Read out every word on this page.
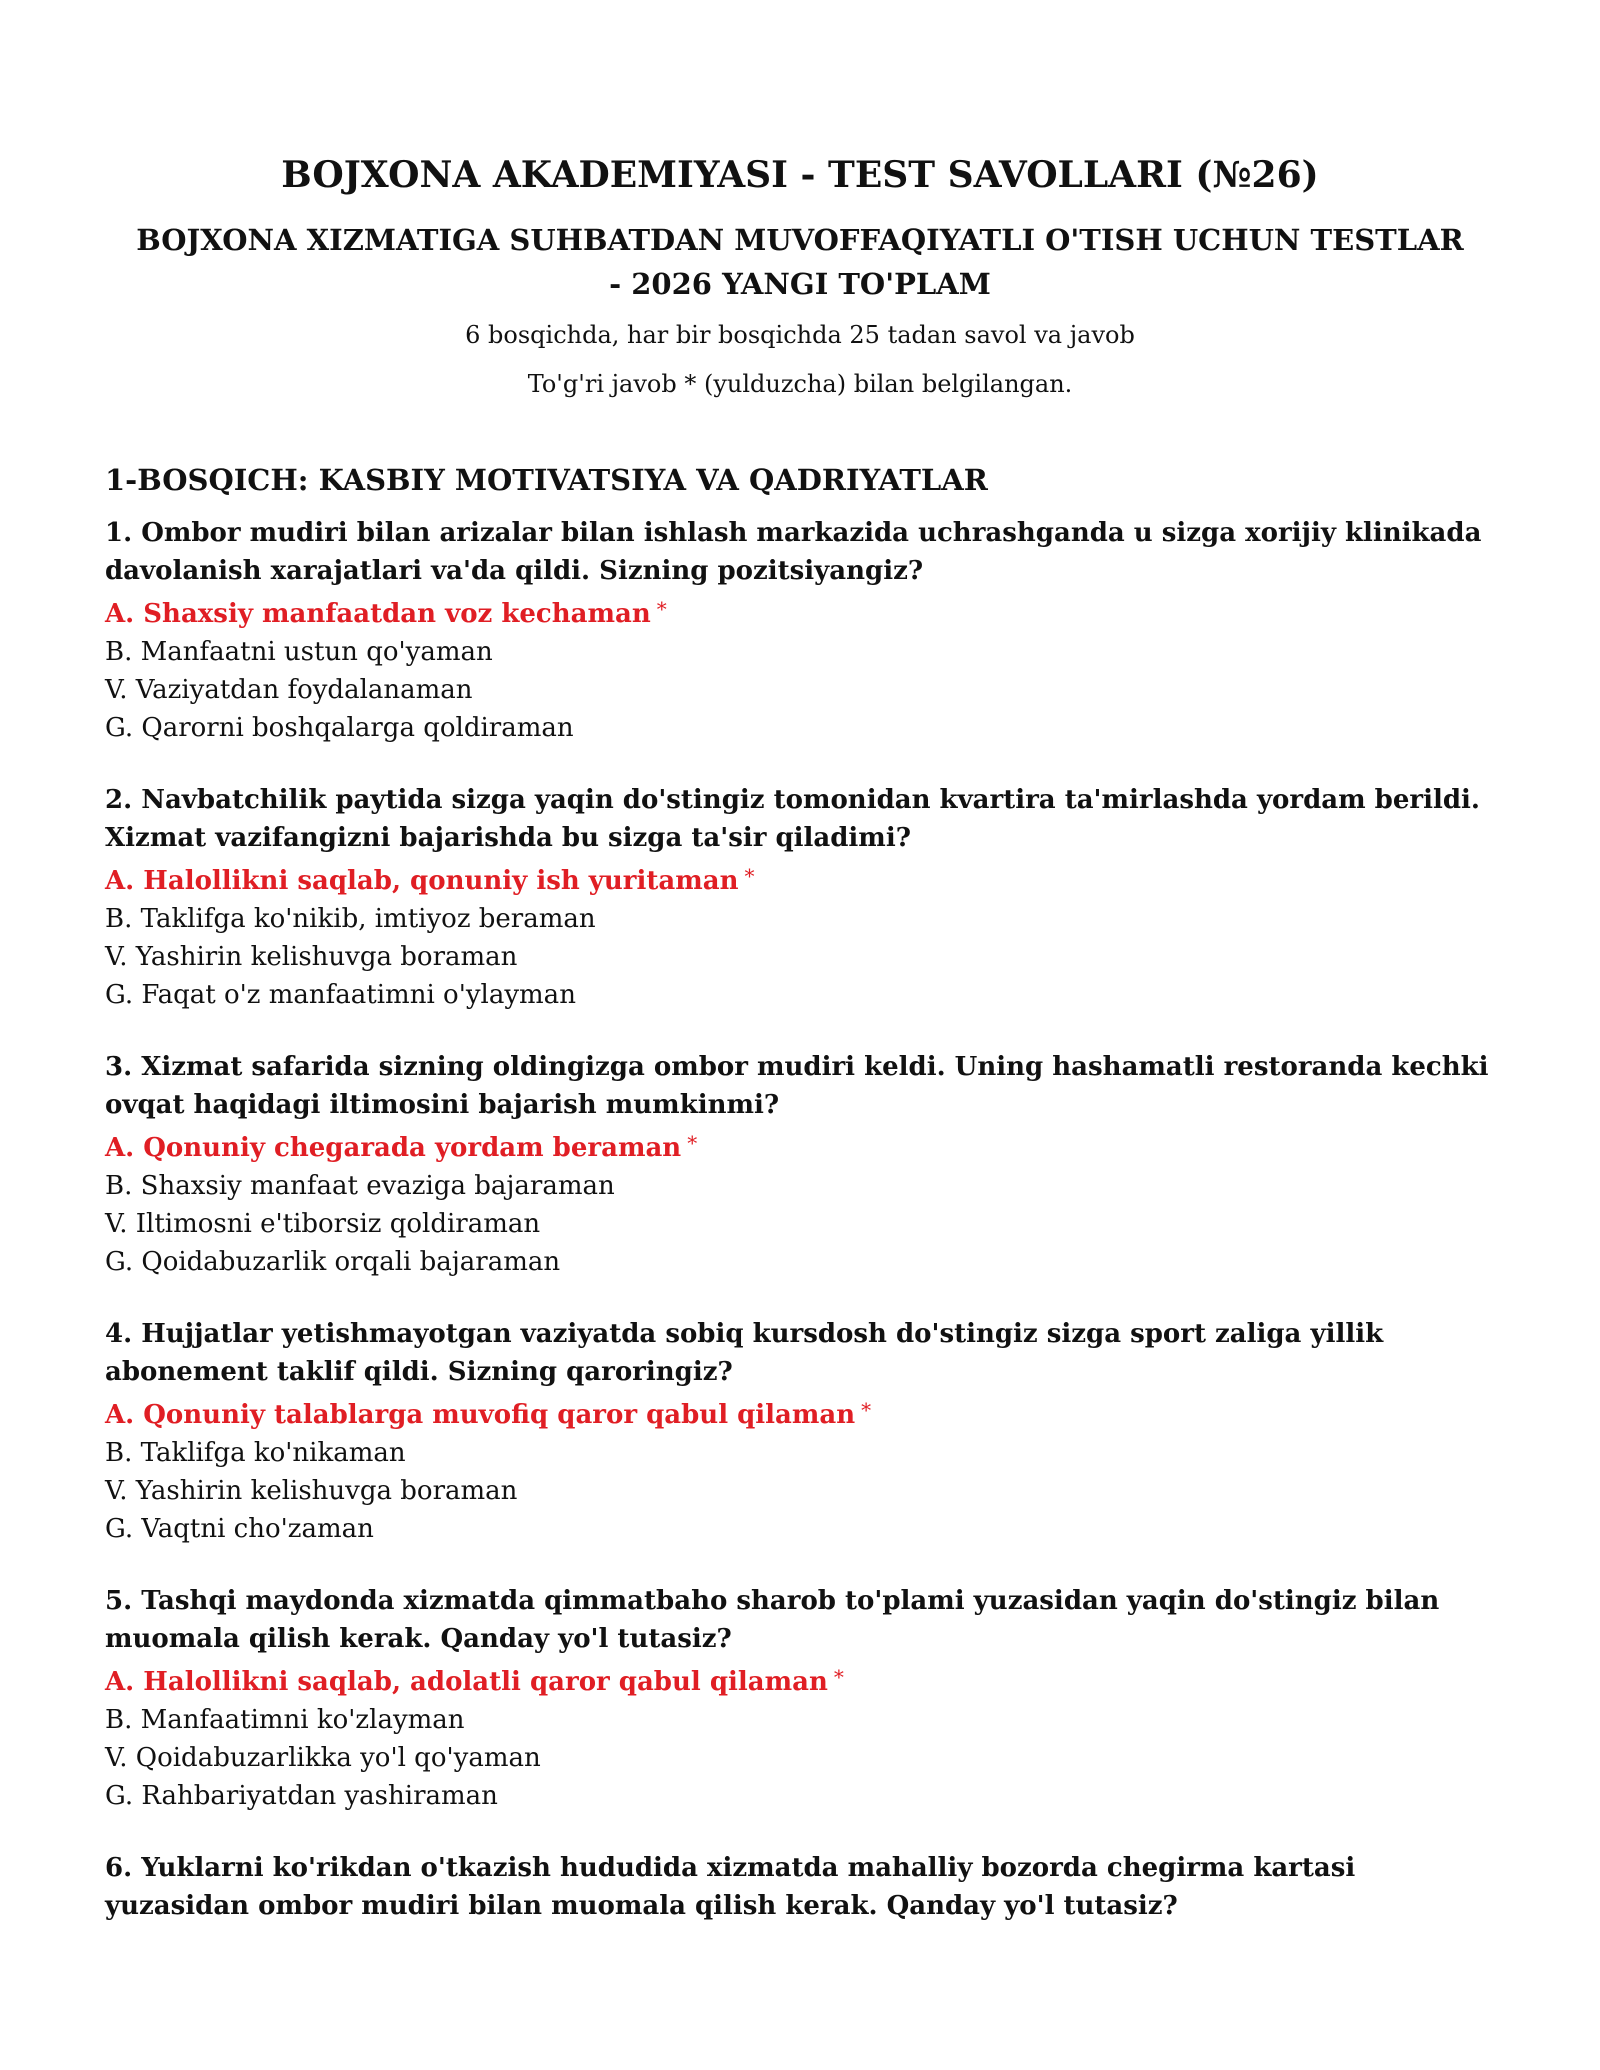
BOJXONA AKADEMIYASI - TEST SAVOLLARI (№26)
BOJXONA XIZMATIGA SUHBATDAN MUVOFFAQIYATLI O'TISH UCHUN TESTLAR - 2026 YANGI TO'PLAM
6 bosqichda, har bir bosqichda 25 tadan savol va javob
To'g'ri javob * (yulduzcha) bilan belgilangan.
1-BOSQICH: KASBIY MOTIVATSIYA VA QADRIYATLAR

1. Ombor mudiri bilan arizalar bilan ishlash markazida uchrashganda u sizga xorijiy klinikada davolanish xarajatlari va'da qildi. Sizning pozitsiyangiz?

A. Shaxsiy manfaatdan voz kechaman *
B. Manfaatni ustun qo'yaman
V. Vaziyatdan foydalanaman
G. Qarorni boshqalarga qoldiraman

2. Navbatchilik paytida sizga yaqin do'stingiz tomonidan kvartira ta'mirlashda yordam berildi. Xizmat vazifangizni bajarishda bu sizga ta'sir qiladimi?

A. Halollikni saqlab, qonuniy ish yuritaman *
B. Taklifga ko'nikib, imtiyoz beraman
V. Yashirin kelishuvga boraman
G. Faqat o'z manfaatimni o'ylayman

3. Xizmat safarida sizning oldingizga ombor mudiri keldi. Uning hashamatli restoranda kechki ovqat haqidagi iltimosini bajarish mumkinmi?

A. Qonuniy chegarada yordam beraman *
B. Shaxsiy manfaat evaziga bajaraman
V. Iltimosni e'tiborsiz qoldiraman
G. Qoidabuzarlik orqali bajaraman

4. Hujjatlar yetishmayotgan vaziyatda sobiq kursdosh do'stingiz sizga sport zaliga yillik abonement taklif qildi. Sizning qaroringiz?

A. Qonuniy talablarga muvofiq qaror qabul qilaman *
B. Taklifga ko'nikaman
V. Yashirin kelishuvga boraman
G. Vaqtni cho'zaman

5. Tashqi maydonda xizmatda qimmatbaho sharob to'plami yuzasidan yaqin do'stingiz bilan muomala qilish kerak. Qanday yo'l tutasiz?

A. Halollikni saqlab, adolatli qaror qabul qilaman *
B. Manfaatimni ko'zlayman
V. Qoidabuzarlikka yo'l qo'yaman
G. Rahbariyatdan yashiraman

6. Yuklarni ko'rikdan o'tkazish hududida xizmatda mahalliy bozorda chegirma kartasi yuzasidan ombor mudiri bilan muomala qilish kerak. Qanday yo'l tutasiz?
